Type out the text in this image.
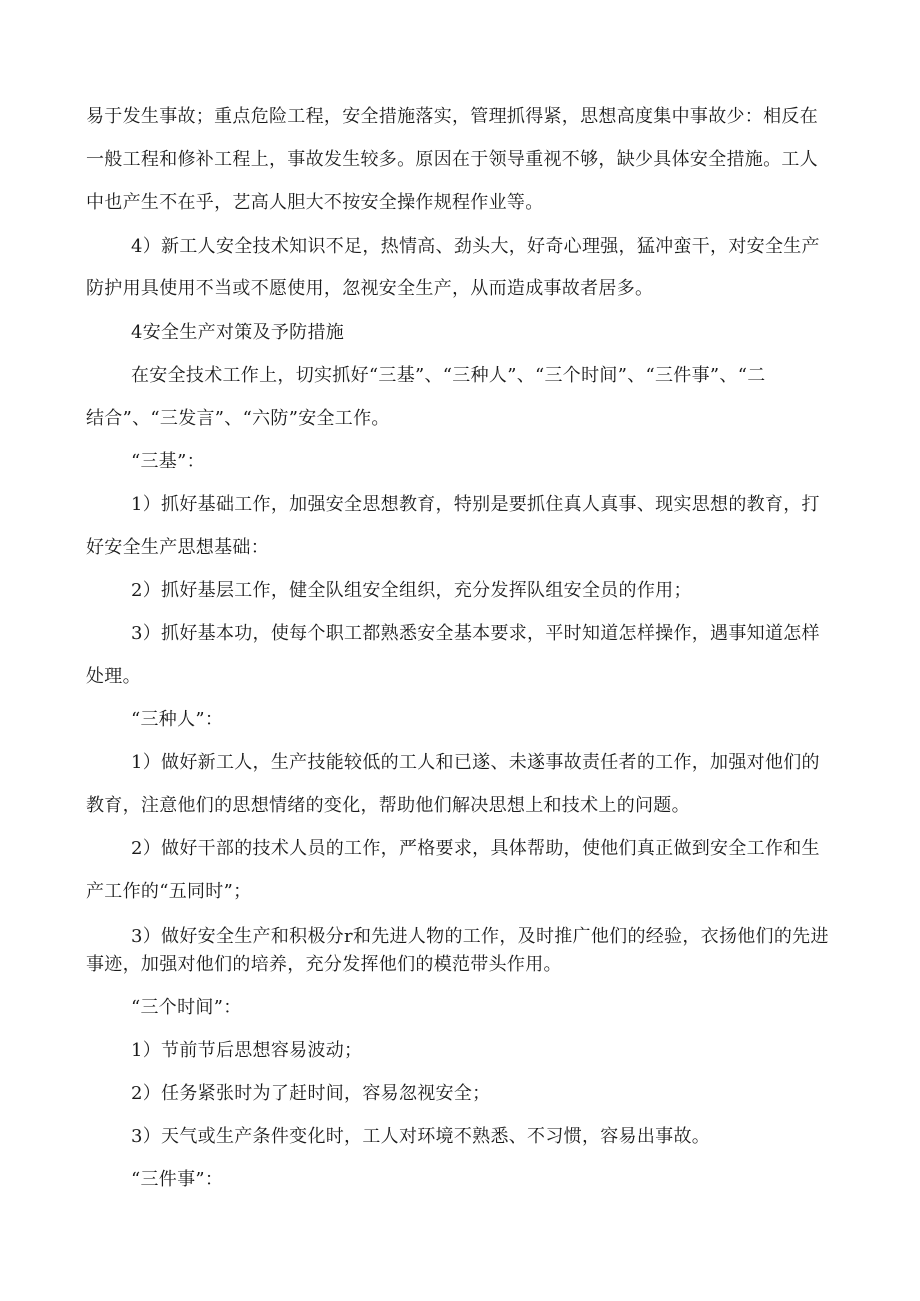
易于发生事故；重点危险工程，安全措施落实，管理抓得紧，思想高度集中事故少：相反在
一般工程和修补工程上，事故发生较多。原因在于领导重视不够，缺少具体安全措施。工人
中也产生不在乎，艺高人胆大不按安全操作规程作业等。
4）新工人安全技术知识不足，热情高、劲头大，好奇心理强，猛冲蛮干，对安全生产
防护用具使用不当或不愿使用，忽视安全生产，从而造成事故者居多。
4安全生产对策及予防措施
在安全技术工作上，切实抓好“三基”、“三种人”、“三个时间”、“三件事”、“二
结合”、“三发言”、“六防”安全工作。
“三基”：
1）抓好基础工作，加强安全思想教育，特别是要抓住真人真事、现实思想的教育，打
好安全生产思想基础：
2）抓好基层工作，健全队组安全组织，充分发挥队组安全员的作用；
3）抓好基本功，使每个职工都熟悉安全基本要求，平时知道怎样操作，遇事知道怎样
处理。
“三种人”：
1）做好新工人，生产技能较低的工人和已遂、未遂事故责任者的工作，加强对他们的
教育，注意他们的思想情绪的变化，帮助他们解决思想上和技术上的问题。
2）做好干部的技术人员的工作，严格要求，具体帮助，使他们真正做到安全工作和生
产工作的“五同时”；
3）做好安全生产和积极分r和先进人物的工作，及时推广他们的经验，衣扬他们的先进
事迹，加强对他们的培养，充分发挥他们的模范带头作用。
“三个时间”：
1）节前节后思想容易波动；
2）任务紧张时为了赶时间，容易忽视安全；
3）天气或生产条件变化时，工人对环境不熟悉、不习惯，容易出事故。
“三件事”：
